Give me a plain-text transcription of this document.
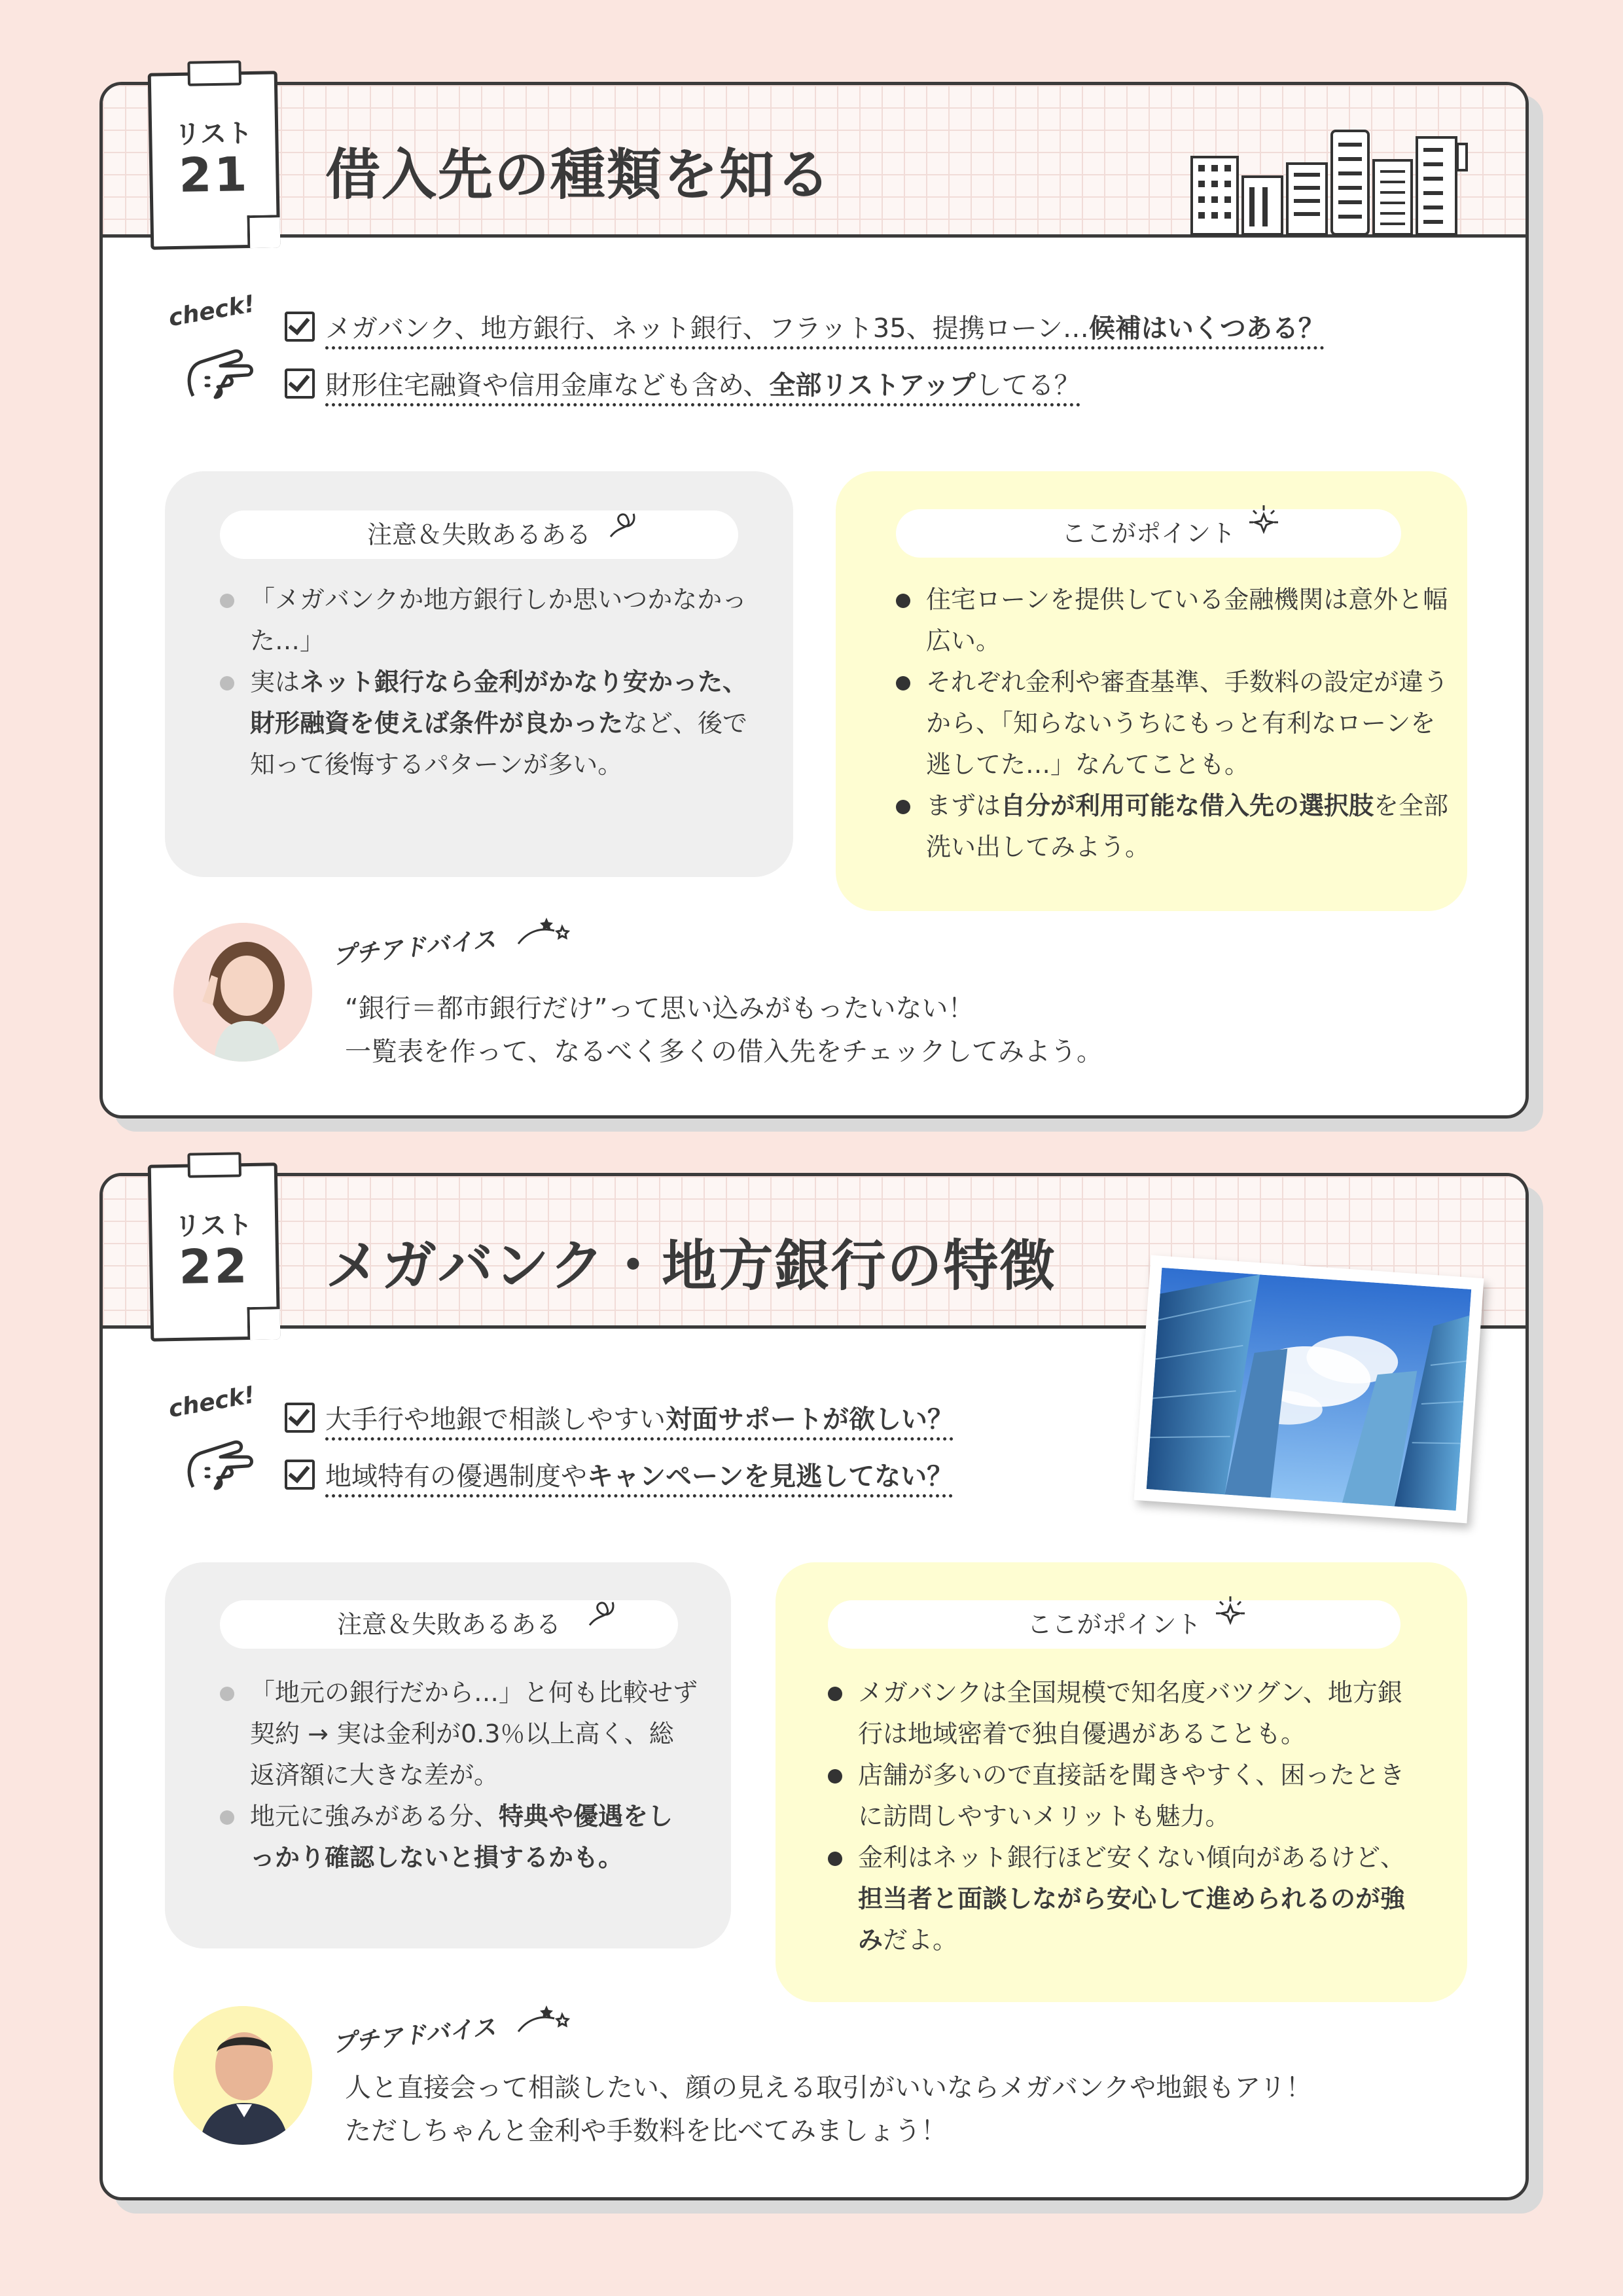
借入先の種類を知る
check!	メガバンク、地方銀行、ネット銀行、フラット35、提携ローン…候補はいくつある？
財形住宅融資や信用金庫なども含め、全部リストアップしてる？
注意＆失敗あるある
「メガバンクか地方銀行しか思いつかなかった…」
実はネット銀行なら金利がかなり安かった、財形融資を使えば条件が良かったなど、後で知って後悔するパターンが多い。
ここがポイント
住宅ローンを提供している金融機関は意外と幅広い。
それぞれ金利や審査基準、手数料の設定が違うから、「知らないうちにもっと有利なローンを逃してた…」なんてことも。
まずは自分が利用可能な借入先の選択肢を全部洗い出してみよう。
プチアドバイス
“銀行＝都市銀行だけ”って思い込みがもったいない！
一覧表を作って、なるべく多くの借入先をチェックしてみよう。
リスト
21
メガバンク・地方銀行の特徴
check!	大手行や地銀で相談しやすい対面サポートが欲しい？
地域特有の優遇制度やキャンペーンを見逃してない？
注意＆失敗あるある
「地元の銀行だから…」と何も比較せず契約 → 実は金利が0.3％以上高く、総返済額に大きな差が。
地元に強みがある分、特典や優遇をしっかり確認しないと損するかも。
ここがポイント
メガバンクは全国規模で知名度バツグン、地方銀行は地域密着で独自優遇があることも。
店舗が多いので直接話を聞きやすく、困ったときに訪問しやすいメリットも魅力。
金利はネット銀行ほど安くない傾向があるけど、担当者と面談しながら安心して進められるのが強みだよ。
プチアドバイス
人と直接会って相談したい、顔の見える取引がいいならメガバンクや地銀もアリ！
ただしちゃんと金利や手数料を比べてみましょう！
リスト
22
